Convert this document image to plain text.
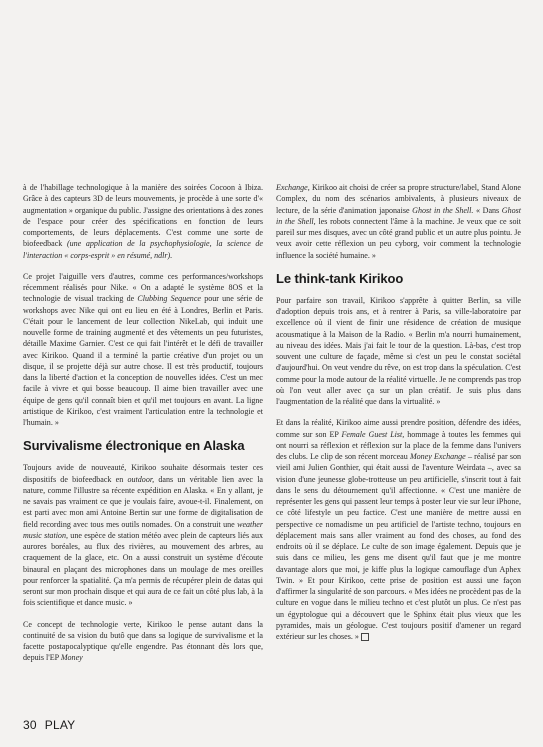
à de l'habillage technologique à la manière des soirées Cocoon à Ibiza. Grâce à des capteurs 3D de leurs mouvements, je procède à une sorte d'« augmentation » organique du public. J'assigne des orientations à des zones de l'espace pour créer des spécifications en fonction de leurs comportements, de leurs déplacements. C'est comme une sorte de biofeedback (une application de la psychophysiologie, la science de l'interaction « corps-esprit » en résumé, ndlr).

Ce projet l'aiguille vers d'autres, comme ces performances/workshops récemment réalisés pour Nike. « On a adapté le système 8OS et la technologie de visual tracking de Clubbing Sequence pour une série de workshops avec Nike qui ont eu lieu en été à Londres, Berlin et Paris. C'était pour le lancement de leur collection NikeLab, qui induit une nouvelle forme de training augmenté et des vêtements un peu futuristes, détaille Maxime Garnier. C'est ce qui fait l'intérêt et le défi de travailler avec Kirikoo. Quand il a terminé la partie créative d'un projet ou un disque, il se projette déjà sur autre chose. Il est très productif, toujours dans la liberté d'action et la conception de nouvelles idées. C'est un mec facile à vivre et qui bosse beaucoup. Il aime bien travailler avec une équipe de gens qu'il connaît bien et qu'il met toujours en avant. La ligne artistique de Kirikoo, c'est vraiment l'articulation entre la technologie et l'humain. »

Survivalisme électronique en Alaska

Toujours avide de nouveauté, Kirikoo souhaite désormais tester ces dispositifs de biofeedback en outdoor, dans un véritable lien avec la nature, comme l'illustre sa récente expédition en Alaska. « En y allant, je ne savais pas vraiment ce que je voulais faire, avoue-t-il. Finalement, on est parti avec mon ami Antoine Bertin sur une forme de digitalisation de field recording avec tous mes outils nomades. On a construit une weather music station, une espèce de station météo avec plein de capteurs liés aux aurores boréales, au flux des rivières, au mouvement des arbres, au craquement de la glace, etc. On a aussi construit un système d'écoute binaural en plaçant des microphones dans un moulage de mes oreilles pour renforcer la spatialité. Ça m'a permis de récupérer plein de datas qui seront sur mon prochain disque et qui aura de ce fait un côté plus lab, à la fois scientifique et dance music. »

Ce concept de technologie verte, Kirikoo le pense autant dans la continuité de sa vision du butô que dans sa logique de survivalisme et la facette postapocalyptique qu'elle engendre. Pas étonnant dès lors que, depuis l'EP Money

Exchange, Kirikoo ait choisi de créer sa propre structure/label, Stand Alone Complex, du nom des scénarios ambivalents, à plusieurs niveaux de lecture, de la série d'animation japonaise Ghost in the Shell. « Dans Ghost in the Shell, les robots connectent l'âme à la machine. Je veux que ce soit pareil sur mes disques, avec un côté grand public et un autre plus pointu. Je veux avoir cette réflexion un peu cyborg, voir comment la technologie influence la société humaine. »

Le think-tank Kirikoo

Pour parfaire son travail, Kirikoo s'apprête à quitter Berlin, sa ville d'adoption depuis trois ans, et à rentrer à Paris, sa ville-laboratoire par excellence où il vient de finir une résidence de création de musique acousmatique à la Maison de la Radio. « Berlin m'a nourri humainement, au niveau des idées. Mais j'ai fait le tour de la question. Là-bas, c'est trop souvent une culture de façade, même si c'est un peu le constat sociétal d'aujourd'hui. On veut vendre du rêve, on est trop dans la spéculation. C'est comme pour la mode autour de la réalité virtuelle. Je ne comprends pas trop où l'on veut aller avec ça sur un plan créatif. Je suis plus dans l'augmentation de la réalité que dans la virtualité. »

Et dans la réalité, Kirikoo aime aussi prendre position, défendre des idées, comme sur son EP Female Guest List, hommage à toutes les femmes qui ont nourri sa réflexion et réflexion sur la place de la femme dans l'univers des clubs. Le clip de son récent morceau Money Exchange – réalisé par son vieil ami Julien Gonthier, qui était aussi de l'aventure Weirdata –, avec sa vision d'une jeunesse globe-trotteuse un peu artificielle, s'inscrit tout à fait dans le sens du détournement qu'il affectionne. « C'est une manière de représenter les gens qui passent leur temps à poster leur vie sur leur iPhone, ce côté lifestyle un peu factice. C'est une manière de mettre aussi en perspective ce nomadisme un peu artificiel de l'artiste techno, toujours en déplacement mais sans aller vraiment au fond des choses, au fond des endroits où il se déplace. Le culte de son image également. Depuis que je suis dans ce milieu, les gens me disent qu'il faut que je me montre davantage alors que moi, je kiffe plus la logique camouflage d'un Aphex Twin. » Et pour Kirikoo, cette prise de position est aussi une façon d'affirmer la singularité de son parcours. « Mes idées ne procèdent pas de la culture en vogue dans le milieu techno et c'est plutôt un plus. Ce n'est pas un égyptologue qui a découvert que le Sphinx était plus vieux que les pyramides, mais un géologue. C'est toujours positif d'amener un regard extérieur sur les choses. »

30 PLAY
